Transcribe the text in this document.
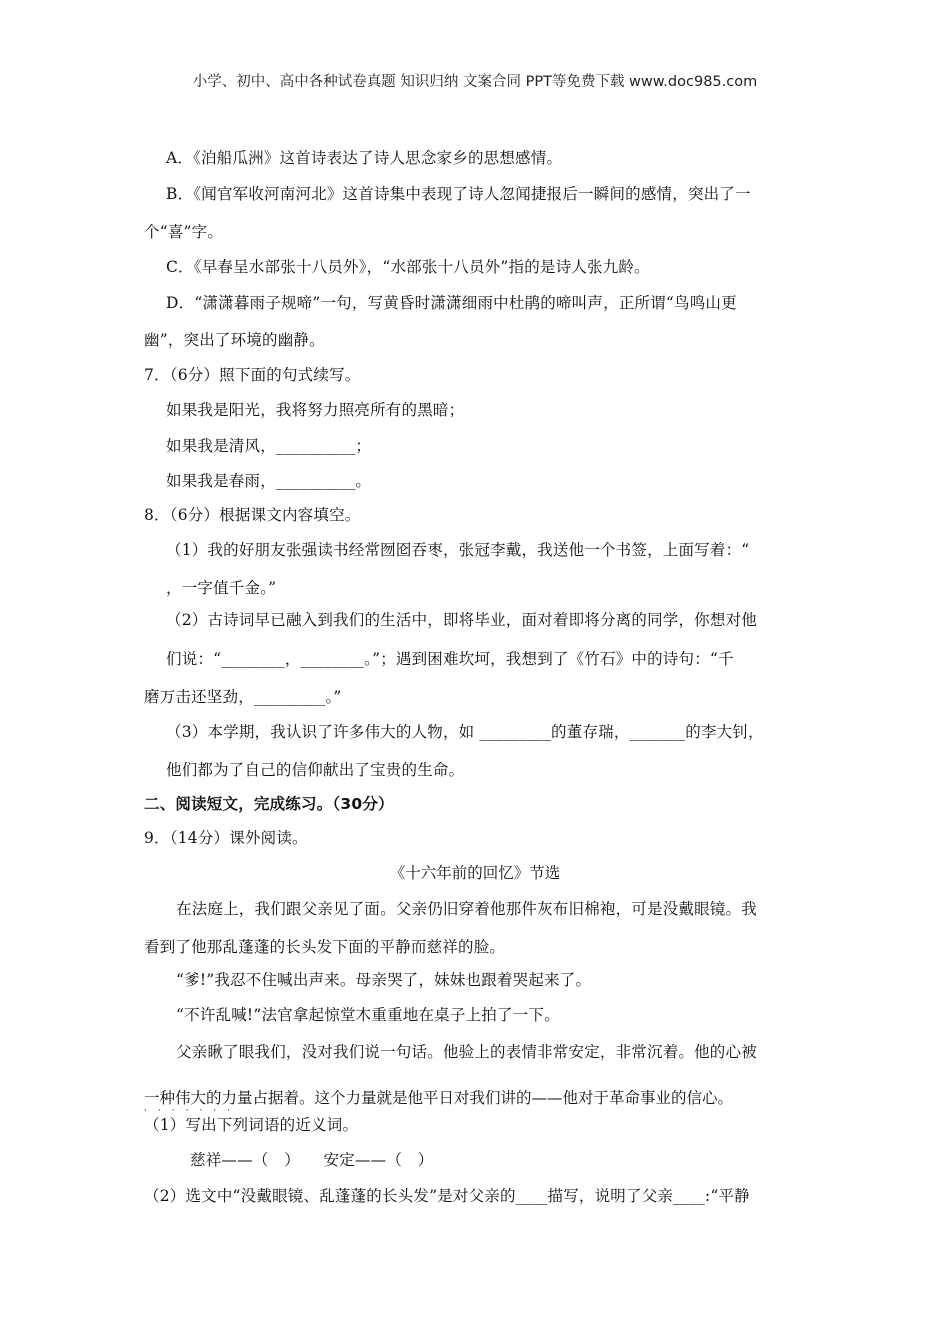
小学、初中、高中各种试卷真题 知识归纳 文案合同 PPT等免费下载 www.doc985.com
A．《泊船瓜洲》这首诗表达了诗人思念家乡的思想感情。
B．《闻官军收河南河北》这首诗集中表现了诗人忽闻捷报后一瞬间的感情，突出了一
个“喜”字。
C．《早春呈水部张十八员外》，“水部张十八员外”指的是诗人张九龄。
D．“潇潇暮雨子规啼”一句，写黄昏时潇潇细雨中杜鹃的啼叫声，正所谓“鸟鸣山更
幽”，突出了环境的幽静。
7．（6分）照下面的句式续写。
如果我是阳光，我将努力照亮所有的黑暗；
如果我是清风，__________；
如果我是春雨，__________。
8．（6分）根据课文内容填空。
（1）我的好朋友张强读书经常囫囵吞枣，张冠李戴，我送他一个书签，上面写着：“
，一字值千金。”
（2）古诗词早已融入到我们的生活中，即将毕业，面对着即将分离的同学，你想对他
们说：“________，________。”；遇到困难坎坷，我想到了《竹石》中的诗句：“千
磨万击还坚劲，_________。”
（3）本学期，我认识了许多伟大的人物，如 _________的董存瑞，_______的李大钊，
他们都为了自己的信仰献出了宝贵的生命。
二、阅读短文，完成练习。（30分）
9．（14分）课外阅读。
《十六年前的回忆》节选
在法庭上，我们跟父亲见了面。父亲仍旧穿着他那件灰布旧棉袍，可是没戴眼镜。我
看到了他那乱蓬蓬的长头发下面的平静而慈祥的脸。
“爹!”我忍不住喊出声来。母亲哭了，妹妹也跟着哭起来了。
“不许乱喊!”法官拿起惊堂木重重地在桌子上拍了一下。
父亲瞅了眼我们，没对我们说一句话。他验上的表情非常安定，非常沉着。他的心被
一种伟大的力量占据着。这个力量就是他平日对我们讲的——他对于革命事业的信心。
·······
（1）写出下列词语的近义词。
慈祥——（　）　　安定——（　）
（2）选文中“没戴眼镜、乱蓬蓬的长头发”是对父亲的____描写，说明了父亲____:“平静
